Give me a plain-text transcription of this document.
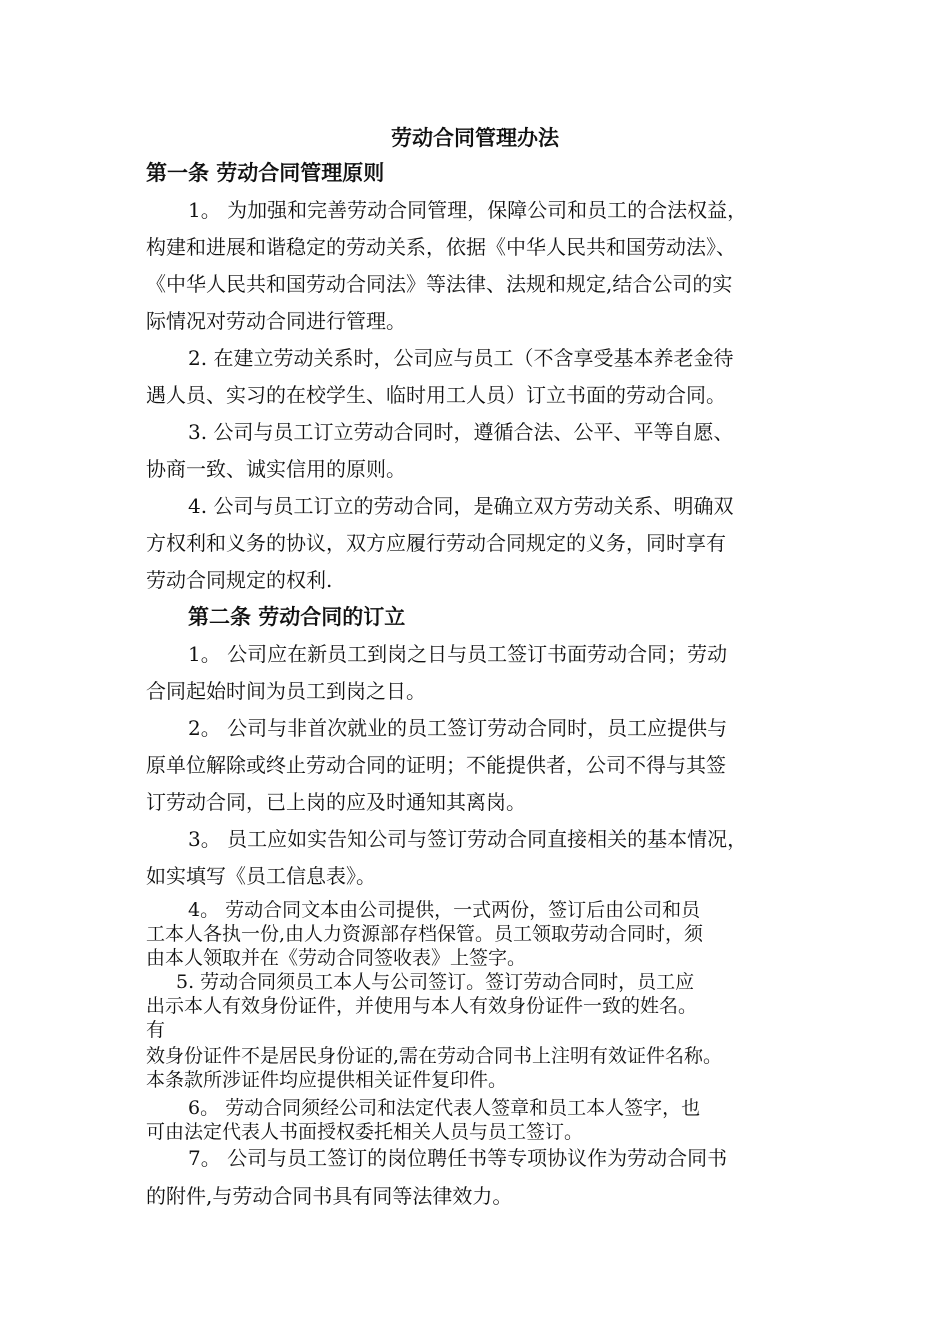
劳动合同管理办法
第一条 劳动合同管理原则
1。 为加强和完善劳动合同管理，保障公司和员工的合法权益，
构建和进展和谐稳定的劳动关系，依据《中华人民共和国劳动法》、
《中华人民共和国劳动合同法》等法律、法规和规定,结合公司的实
际情况对劳动合同进行管理。
2. 在建立劳动关系时，公司应与员工（不含享受基本养老金待
遇人员、实习的在校学生、临时用工人员）订立书面的劳动合同。
3. 公司与员工订立劳动合同时，遵循合法、公平、平等自愿、
协商一致、诚实信用的原则。
4. 公司与员工订立的劳动合同，是确立双方劳动关系、明确双
方权利和义务的协议，双方应履行劳动合同规定的义务，同时享有
劳动合同规定的权利.
第二条 劳动合同的订立
1。 公司应在新员工到岗之日与员工签订书面劳动合同；劳动
合同起始时间为员工到岗之日。
2。 公司与非首次就业的员工签订劳动合同时，员工应提供与
原单位解除或终止劳动合同的证明；不能提供者，公司不得与其签
订劳动合同，已上岗的应及时通知其离岗。
3。 员工应如实告知公司与签订劳动合同直接相关的基本情况，
如实填写《员工信息表》。
4。 劳动合同文本由公司提供，一式两份，签订后由公司和员
工本人各执一份,由人力资源部存档保管。员工领取劳动合同时，须
由本人领取并在《劳动合同签收表》上签字。
5. 劳动合同须员工本人与公司签订。签订劳动合同时，员工应
出示本人有效身份证件，并使用与本人有效身份证件一致的姓名。
有
效身份证件不是居民身份证的,需在劳动合同书上注明有效证件名称。
本条款所涉证件均应提供相关证件复印件。
6。 劳动合同须经公司和法定代表人签章和员工本人签字，也
可由法定代表人书面授权委托相关人员与员工签订。
7。 公司与员工签订的岗位聘任书等专项协议作为劳动合同书
的附件,与劳动合同书具有同等法律效力。
